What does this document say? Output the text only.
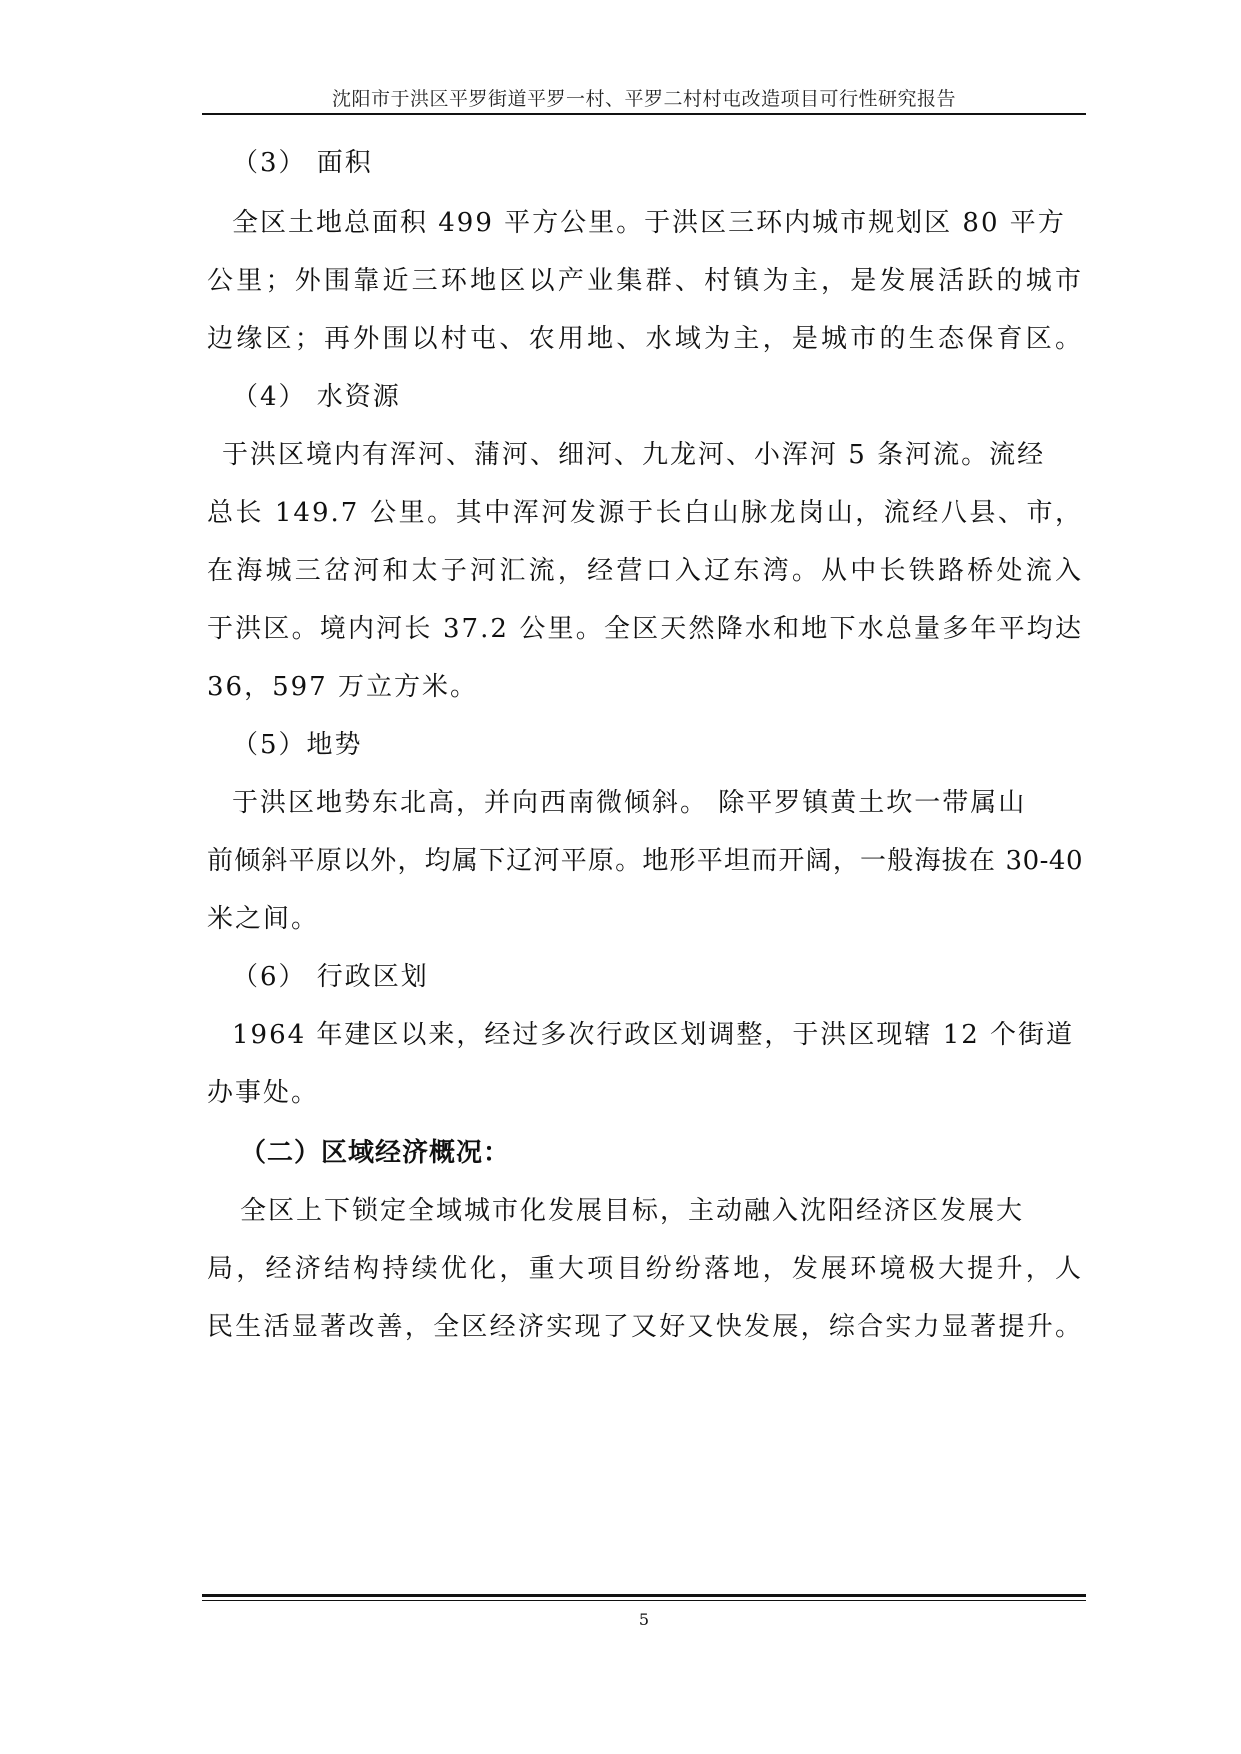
沈阳市于洪区平罗街道平罗一村、平罗二村村屯改造项目可行性研究报告
（3） 面积
全区土地总面积 499 平方公里。于洪区三环内城市规划区 80 平方
公里；外围靠近三环地区以产业集群、村镇为主，是发展活跃的城市
边缘区；再外围以村屯、农用地、水域为主，是城市的生态保育区。
（4） 水资源
于洪区境内有浑河、蒲河、细河、九龙河、小浑河 5 条河流。流经
总长 149.7 公里。其中浑河发源于长白山脉龙岗山，流经八县、市，
在海城三岔河和太子河汇流，经营口入辽东湾。从中长铁路桥处流入
于洪区。境内河长 37.2 公里。全区天然降水和地下水总量多年平均达
36，597 万立方米。
（5）地势
于洪区地势东北高，并向西南微倾斜。 除平罗镇黄土坎一带属山
前倾斜平原以外，均属下辽河平原。地形平坦而开阔，一般海拔在 30-40
米之间。
（6） 行政区划
1964 年建区以来，经过多次行政区划调整，于洪区现辖 12 个街道
办事处。
（二）区域经济概况：
全区上下锁定全域城市化发展目标，主动融入沈阳经济区发展大
局，经济结构持续优化，重大项目纷纷落地，发展环境极大提升，人
民生活显著改善，全区经济实现了又好又快发展，综合实力显著提升。
5
